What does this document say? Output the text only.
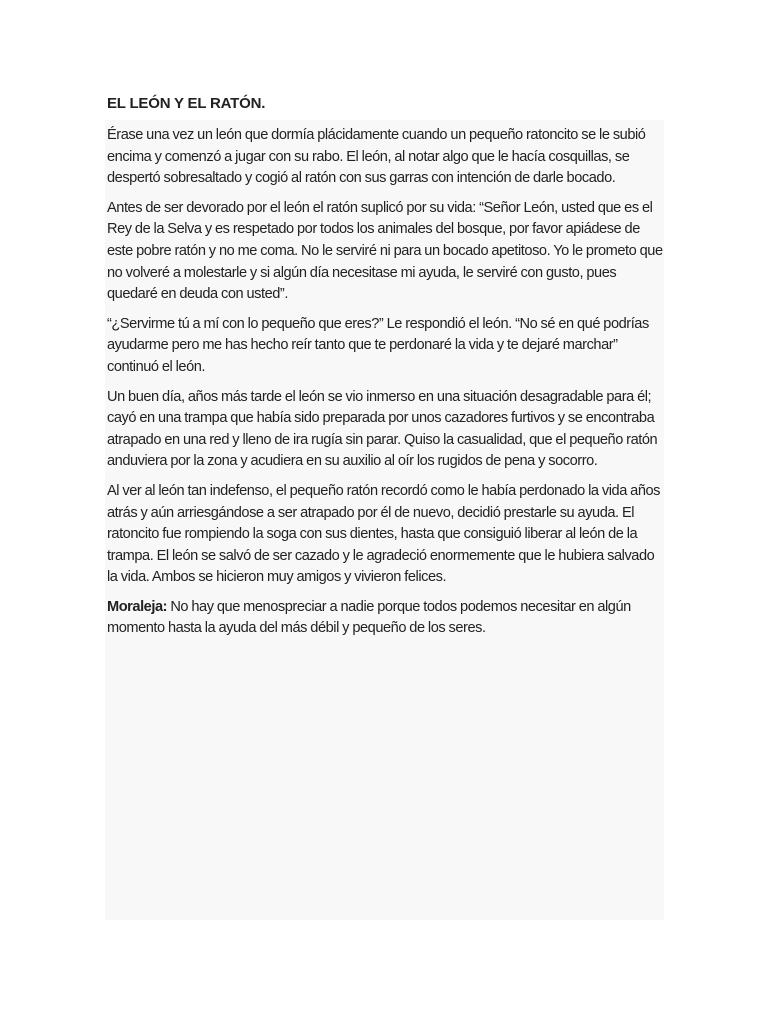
EL LEÓN Y EL RATÓN.

Érase una vez un león que dormía plácidamente cuando un pequeño ratoncito se le subió encima y comenzó a jugar con su rabo. El león, al notar algo que le hacía cosquillas, se despertó sobresaltado y cogió al ratón con sus garras con intención de darle bocado.

Antes de ser devorado por el león el ratón suplicó por su vida: “Señor León, usted que es el Rey de la Selva y es respetado por todos los animales del bosque, por favor apiádese de este pobre ratón y no me coma. No le serviré ni para un bocado apetitoso. Yo le prometo que no volveré a molestarle y si algún día necesitase mi ayuda, le serviré con gusto, pues quedaré en deuda con usted”.

“¿Servirme tú a mí con lo pequeño que eres?” Le respondió el león. “No sé en qué podrías ayudarme pero me has hecho reír tanto que te perdonaré la vida y te dejaré marchar” continuó el león.

Un buen día, años más tarde el león se vio inmerso en una situación desagradable para él; cayó en una trampa que había sido preparada por unos cazadores furtivos y se encontraba atrapado en una red y lleno de ira rugía sin parar. Quiso la casualidad, que el pequeño ratón anduviera por la zona y acudiera en su auxilio al oír los rugidos de pena y socorro.

Al ver al león tan indefenso, el pequeño ratón recordó como le había perdonado la vida años atrás y aún arriesgándose a ser atrapado por él de nuevo, decidió prestarle su ayuda. El ratoncito fue rompiendo la soga con sus dientes, hasta que consiguió liberar al león de la trampa. El león se salvó de ser cazado y le agradeció enormemente que le hubiera salvado la vida. Ambos se hicieron muy amigos y vivieron felices.

Moraleja: No hay que menospreciar a nadie porque todos podemos necesitar en algún momento hasta la ayuda del más débil y pequeño de los seres.
